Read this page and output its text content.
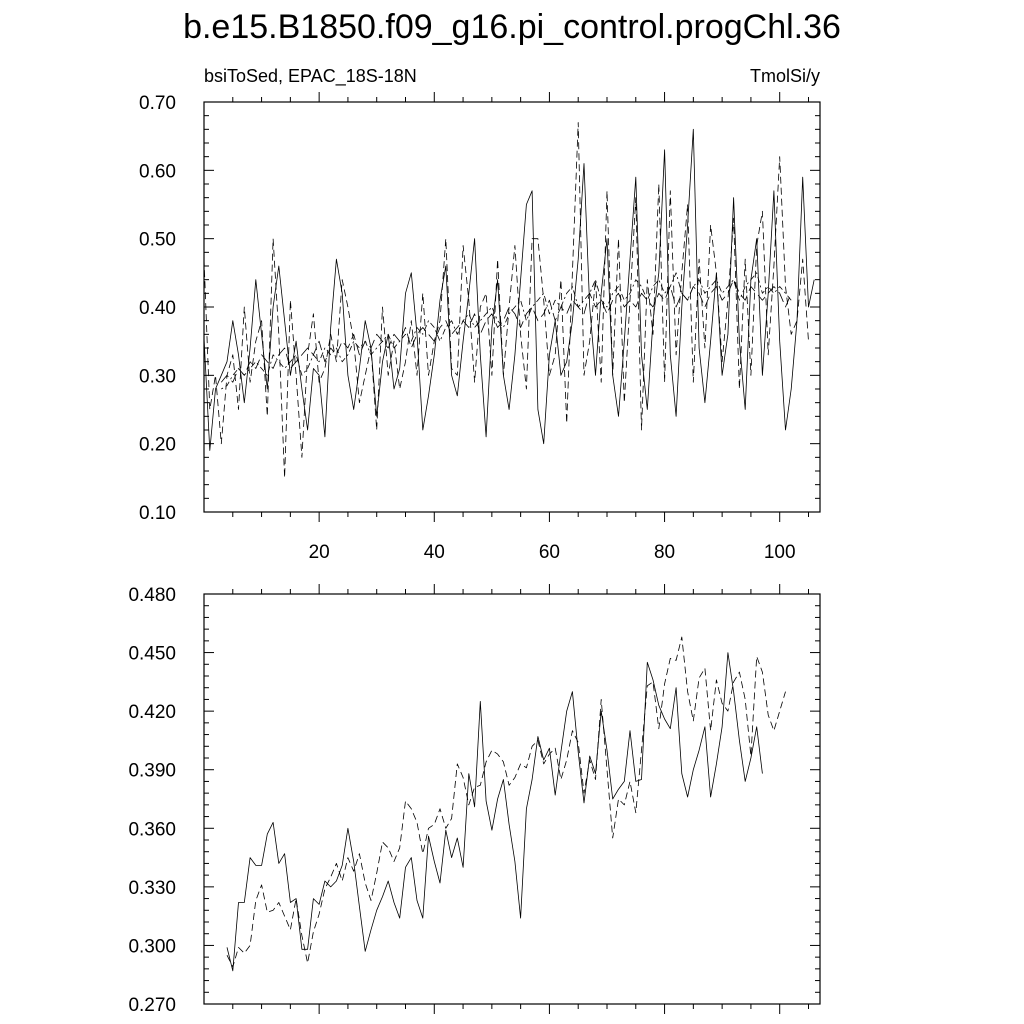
b.e15.B1850.f09_g16.pi_control.progChl.36
bsiToSed, EPAC_18S-18N	TmolSi/y
0.10
0.20
0.30
0.40
0.50
0.60
0.70
20	40	60	80	100
0.270
0.300
0.330
0.360
0.390
0.420
0.450
0.480
